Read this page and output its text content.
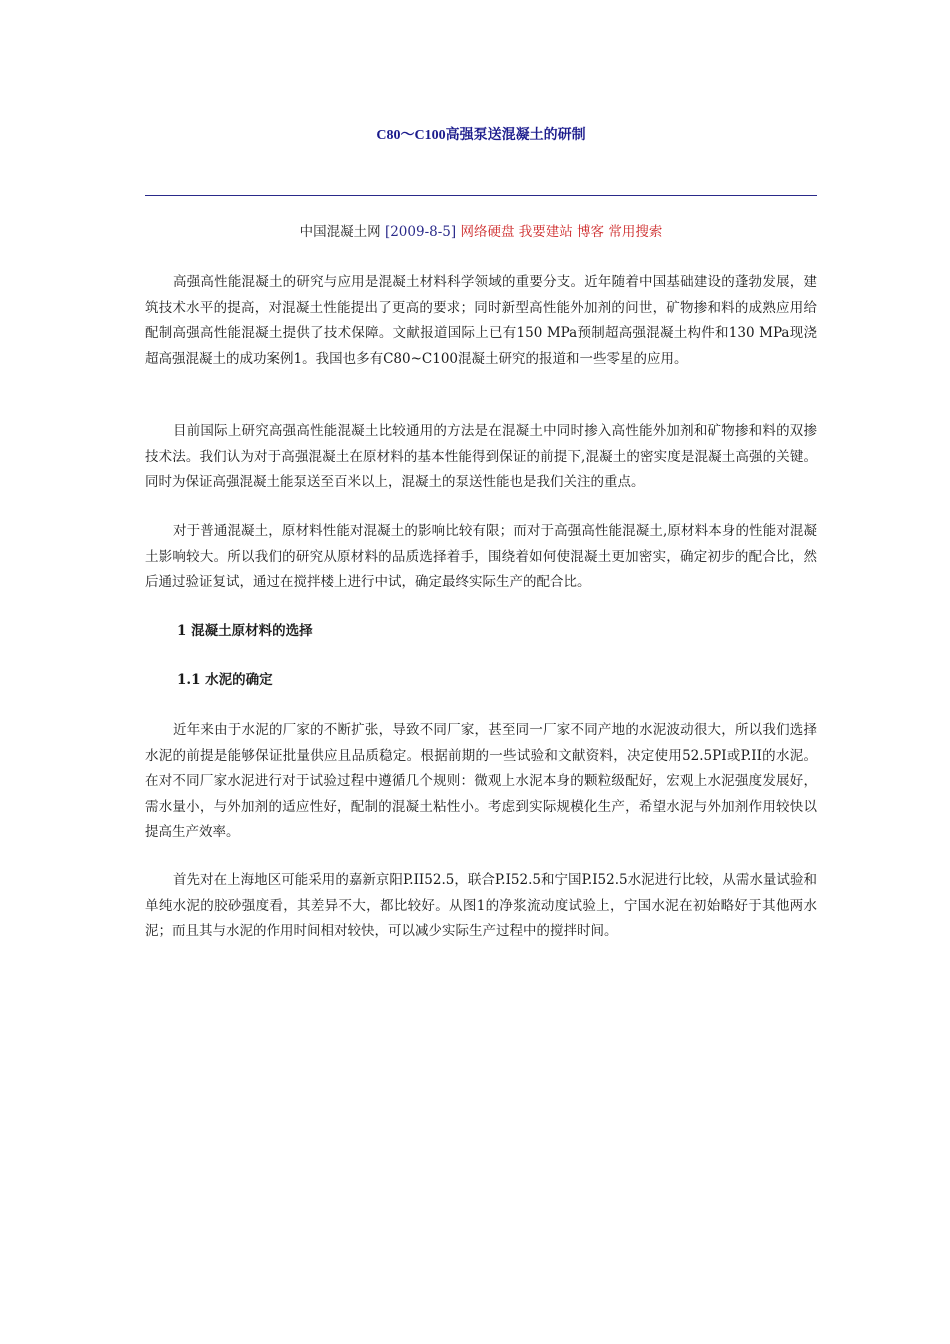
C80～C100高强泵送混凝土的研制
中国混凝土网 [2009-8-5] 网络硬盘 我要建站 博客 常用搜索

高强高性能混凝土的研究与应用是混凝土材料科学领域的重要分支。近年随着中国基础建设的蓬勃发展，建筑技术水平的提高，对混凝土性能提出了更高的要求；同时新型高性能外加剂的问世，矿物掺和料的成熟应用给配制高强高性能混凝土提供了技术保障。文献报道国际上已有150 MPa预制超高强混凝土构件和130 MPa现浇超高强混凝土的成功案例1。我国也多有C80~C100混凝土研究的报道和一些零星的应用。

目前国际上研究高强高性能混凝土比较通用的方法是在混凝土中同时掺入高性能外加剂和矿物掺和料的双掺技术法。我们认为对于高强混凝土在原材料的基本性能得到保证的前提下,混凝土的密实度是混凝土高强的关键。同时为保证高强混凝土能泵送至百米以上，混凝土的泵送性能也是我们关注的重点。

对于普通混凝土，原材料性能对混凝土的影响比较有限；而对于高强高性能混凝土,原材料本身的性能对混凝土影响较大。所以我们的研究从原材料的品质选择着手，围绕着如何使混凝土更加密实，确定初步的配合比，然后通过验证复试，通过在搅拌楼上进行中试，确定最终实际生产的配合比。

1 混凝土原材料的选择
1.1 水泥的确定

近年来由于水泥的厂家的不断扩张，导致不同厂家，甚至同一厂家不同产地的水泥波动很大，所以我们选择水泥的前提是能够保证批量供应且品质稳定。根据前期的一些试验和文献资料，决定使用52.5PI或P.II的水泥。在对不同厂家水泥进行对于试验过程中遵循几个规则：微观上水泥本身的颗粒级配好，宏观上水泥强度发展好，需水量小，与外加剂的适应性好，配制的混凝土粘性小。考虑到实际规模化生产，希望水泥与外加剂作用较快以提高生产效率。

首先对在上海地区可能采用的嘉新京阳P.II52.5，联合P.I52.5和宁国P.I52.5水泥进行比较，从需水量试验和单纯水泥的胶砂强度看，其差异不大，都比较好。从图1的净浆流动度试验上，宁国水泥在初始略好于其他两水泥；而且其与水泥的作用时间相对较快，可以减少实际生产过程中的搅拌时间。
